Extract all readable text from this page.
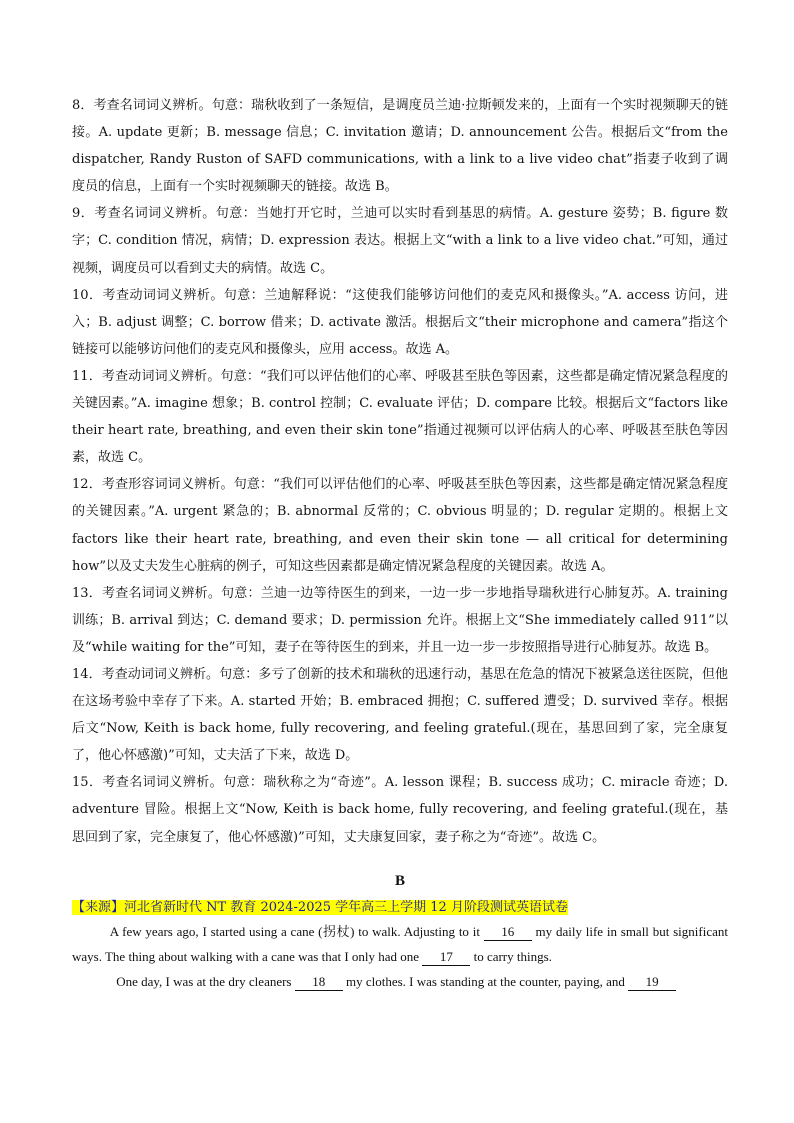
8．考查名词词义辨析。句意：瑞秋收到了一条短信，是调度员兰迪·拉斯顿发来的，上面有一个实时视频聊天的链接。A. update 更新；B. message 信息；C. invitation 邀请；D. announcement 公告。根据后文“from the dispatcher, Randy Ruston of SAFD communications, with a link to a live video chat”指妻子收到了调度员的信息，上面有一个实时视频聊天的链接。故选 B。

9．考查名词词义辨析。句意：当她打开它时，兰迪可以实时看到基思的病情。A. gesture 姿势；B. figure 数字；C. condition 情况，病情；D. expression 表达。根据上文“with a link to a live video chat.”可知，通过视频，调度员可以看到丈夫的病情。故选 C。

10．考查动词词义辨析。句意：兰迪解释说：“这使我们能够访问他们的麦克风和摄像头。”A. access 访问，进入；B. adjust 调整；C. borrow 借来；D. activate 激活。根据后文“their microphone and camera”指这个链接可以能够访问他们的麦克风和摄像头，应用 access。故选 A。

11．考查动词词义辨析。句意：“我们可以评估他们的心率、呼吸甚至肤色等因素，这些都是确定情况紧急程度的关键因素。”A. imagine 想象；B. control 控制；C. evaluate 评估；D. compare 比较。根据后文“factors like their heart rate, breathing, and even their skin tone”指通过视频可以评估病人的心率、呼吸甚至肤色等因素，故选 C。

12．考查形容词词义辨析。句意：“我们可以评估他们的心率、呼吸甚至肤色等因素，这些都是确定情况紧急程度的关键因素。”A. urgent 紧急的；B. abnormal 反常的；C. obvious 明显的；D. regular 定期的。根据上文 factors like their heart rate, breathing, and even their skin tone — all critical for determining how”以及丈夫发生心脏病的例子，可知这些因素都是确定情况紧急程度的关键因素。故选 A。

13．考查名词词义辨析。句意：兰迪一边等待医生的到来，一边一步一步地指导瑞秋进行心肺复苏。A. training 训练；B. arrival 到达；C. demand 要求；D. permission 允许。根据上文“She immediately called 911”以及“while waiting for the”可知，妻子在等待医生的到来，并且一边一步一步按照指导进行心肺复苏。故选 B。

14．考查动词词义辨析。句意：多亏了创新的技术和瑞秋的迅速行动，基思在危急的情况下被紧急送往医院，但他在这场考验中幸存了下来。A. started 开始；B. embraced 拥抱；C. suffered 遭受；D. survived 幸存。根据后文“Now, Keith is back home, fully recovering, and feeling grateful.(现在，基思回到了家，完全康复了，他心怀感激)”可知，丈夫活了下来，故选 D。

15．考查名词词义辨析。句意：瑞秋称之为“奇迹”。A. lesson 课程；B. success 成功；C. miracle 奇迹；D. adventure 冒险。根据上文“Now, Keith is back home, fully recovering, and feeling grateful.(现在，基思回到了家，完全康复了，他心怀感激)”可知，丈夫康复回家，妻子称之为“奇迹”。故选 C。

B

【来源】河北省新时代 NT 教育 2024-2025 学年高三上学期 12 月阶段测试英语试卷

A few years ago, I started using a cane (拐杖) to walk. Adjusting to it 16 my daily life in small but significant ways. The thing about walking with a cane was that I only had one 17 to carry things.

One day, I was at the dry cleaners 18 my clothes. I was standing at the counter, paying, and 19
